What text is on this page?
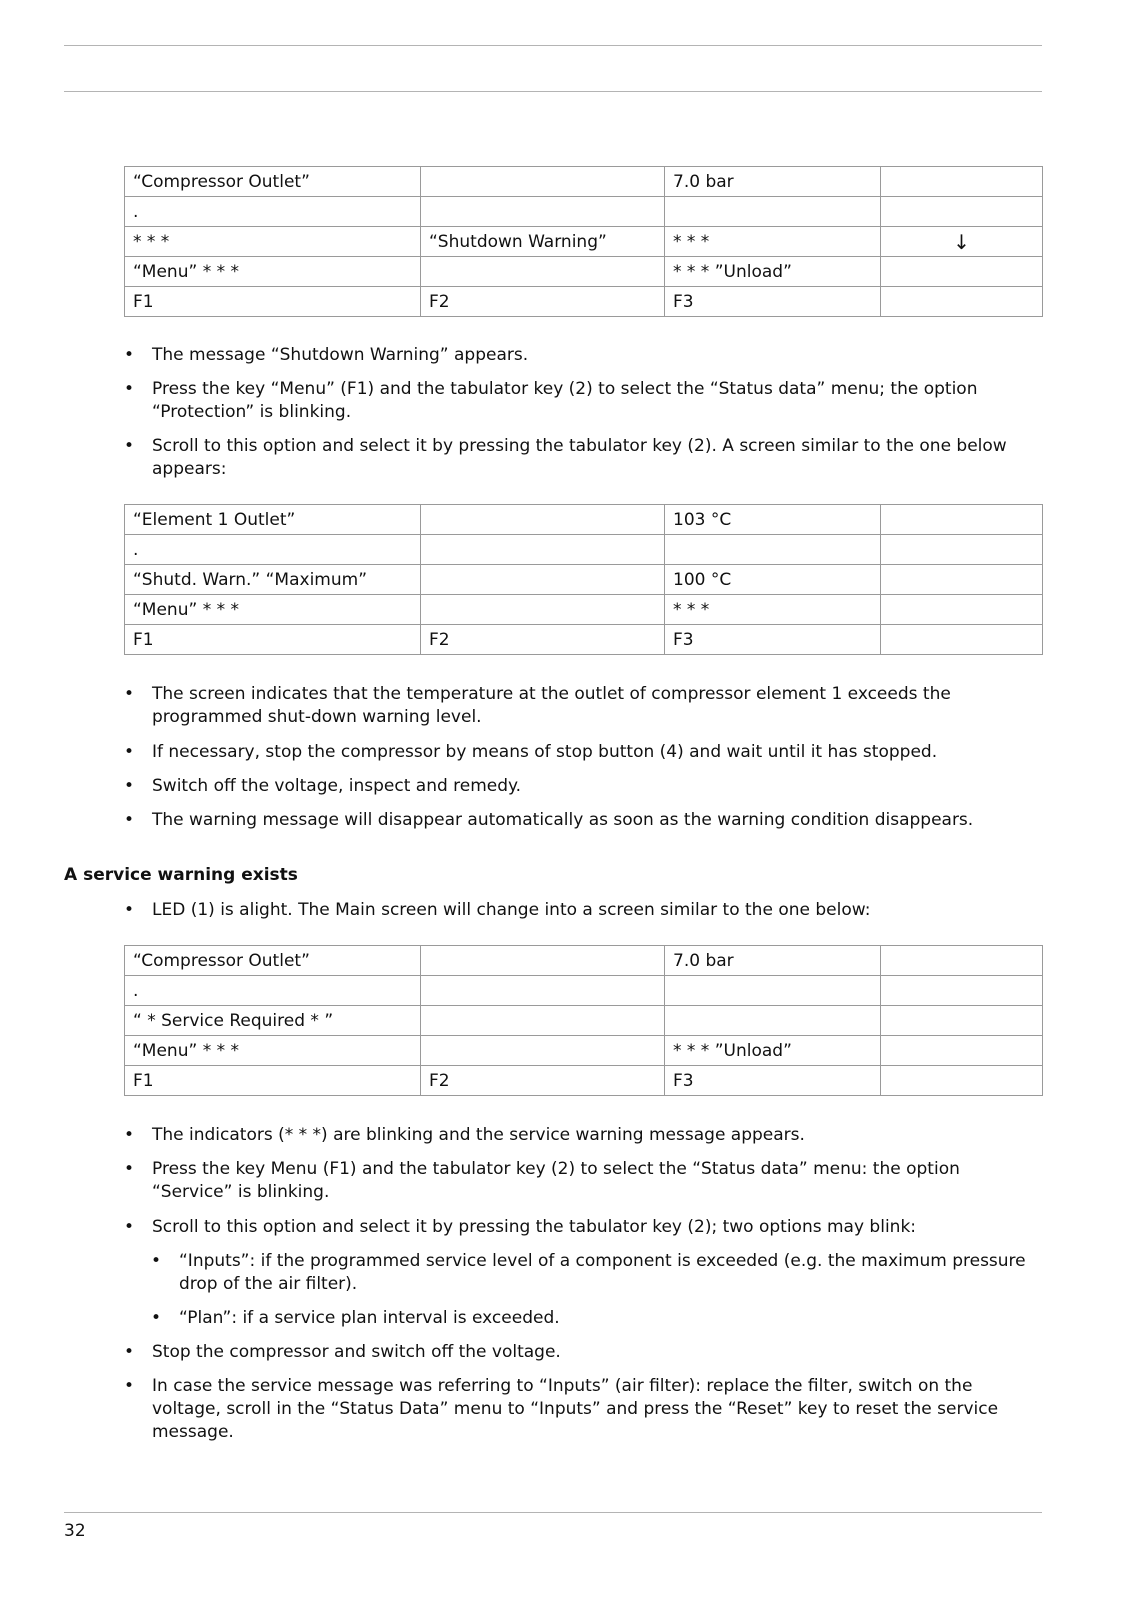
“Compressor Outlet”		7.0 bar	
.			
* * *	“Shutdown Warning”	* * *	↓
“Menu” * * *		* * * ”Unload”	
F1	F2	F3	
• The message “Shutdown Warning” appears.
• Press the key “Menu” (F1) and the tabulator key (2) to select the “Status data” menu; the option “Protection” is blinking.
• Scroll to this option and select it by pressing the tabulator key (2). A screen similar to the one below appears:
“Element 1 Outlet”		103 °C	
.			
“Shutd. Warn.” “Maximum”		100 °C	
“Menu” * * *		* * *	
F1	F2	F3	
• The screen indicates that the temperature at the outlet of compressor element 1 exceeds the programmed shut-down warning level.
• If necessary, stop the compressor by means of stop button (4) and wait until it has stopped.
• Switch off the voltage, inspect and remedy.
• The warning message will disappear automatically as soon as the warning condition disappears.
A service warning exists
• LED (1) is alight. The Main screen will change into a screen similar to the one below:
“Compressor Outlet”		7.0 bar	
.			
“ * Service Required * ”			
“Menu” * * *		* * * ”Unload”	
F1	F2	F3	
• The indicators (* * *) are blinking and the service warning message appears.
• Press the key Menu (F1) and the tabulator key (2) to select the “Status data” menu: the option “Service” is blinking.
• Scroll to this option and select it by pressing the tabulator key (2); two options may blink:
• “Inputs”: if the programmed service level of a component is exceeded (e.g. the maximum pressure drop of the air filter).
• “Plan”: if a service plan interval is exceeded.
• Stop the compressor and switch off the voltage.
• In case the service message was referring to “Inputs” (air filter): replace the filter, switch on the voltage, scroll in the “Status Data” menu to “Inputs” and press the “Reset” key to reset the service message.
32
